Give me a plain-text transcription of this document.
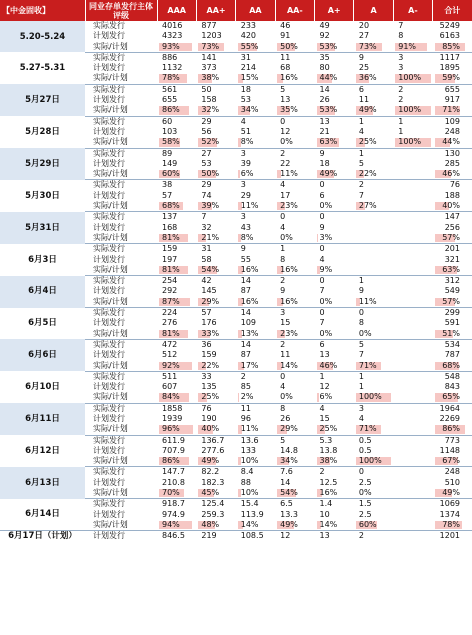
【中金固收】	同业存单发行主体评级	AAA	AA+	AA	AA-	A+	A	A-	合计
5.20-5.24	实际发行	4016	877	233	46	49	20	7	5249
	计划发行	4323	1203	420	91	92	27	8	6163
	实际/计划	93%	73%	55%	50%	53%	73%	91%	85%
5.27-5.31	实际发行	886	141	31	11	35	9	3	1117
	计划发行	1132	373	214	68	80	25	3	1895
	实际/计划	78%	38%	15%	16%	44%	36%	100%	59%
5月27日	实际发行	561	50	18	5	14	6	2	655
	计划发行	655	158	53	13	26	11	2	917
	实际/计划	86%	32%	34%	35%	53%	49%	100%	71%
5月28日	实际发行	60	29	4	0	13	1	1	109
	计划发行	103	56	51	12	21	4	1	248
	实际/计划	58%	52%	8%	0%	63%	25%	100%	44%
5月29日	实际发行	89	27	3	2	9	1		130
	计划发行	149	53	39	22	18	5		285
	实际/计划	60%	50%	6%	11%	49%	22%		46%
5月30日	实际发行	38	29	3	4	0	2		76
	计划发行	57	74	29	17	6	7		188
	实际/计划	68%	39%	11%	23%	0%	27%		40%
5月31日	实际发行	137	7	3	0	0			147
	计划发行	168	32	43	4	9			256
	实际/计划	81%	21%	8%	0%	3%			57%
6月3日	实际发行	159	31	9	1	0			201
	计划发行	197	58	55	8	4			321
	实际/计划	81%	54%	16%	16%	9%			63%
6月4日	实际发行	254	42	14	2	0	1		312
	计划发行	292	145	87	9	7	9		549
	实际/计划	87%	29%	16%	16%	0%	11%		57%
6月5日	实际发行	224	57	14	3	0	0		299
	计划发行	276	176	109	15	7	8		591
	实际/计划	81%	33%	13%	23%	0%	0%		51%
6月6日	实际发行	472	36	14	2	6	5		534
	计划发行	512	159	87	11	13	7		787
	实际/计划	92%	22%	17%	14%	46%	71%		68%
6月10日	实际发行	511	33	2	0	1	1		548
	计划发行	607	135	85	4	12	1		843
	实际/计划	84%	25%	2%	0%	6%	100%		65%
6月11日	实际发行	1858	76	11	8	4	3		1964
	计划发行	1939	190	96	26	15	4		2269
	实际/计划	96%	40%	11%	29%	25%	71%		86%
6月12日	实际发行	611.9	136.7	13.6	5	5.3	0.5		773
	计划发行	707.9	277.6	133	14.8	13.8	0.5		1148
	实际/计划	86%	49%	10%	34%	38%	100%		67%
6月13日	实际发行	147.7	82.2	8.4	7.6	2	0		248
	计划发行	210.8	182.3	88	14	12.5	2.5		510
	实际/计划	70%	45%	10%	54%	16%	0%		49%
6月14日	实际发行	918.7	125.4	15.4	6.5	1.4	1.5		1069
	计划发行	974.9	259.3	113.9	13.3	10	2.5		1374
	实际/计划	94%	48%	14%	49%	14%	60%		78%
6月17日（计划）	计划发行	846.5	219	108.5	12	13	2		1201
